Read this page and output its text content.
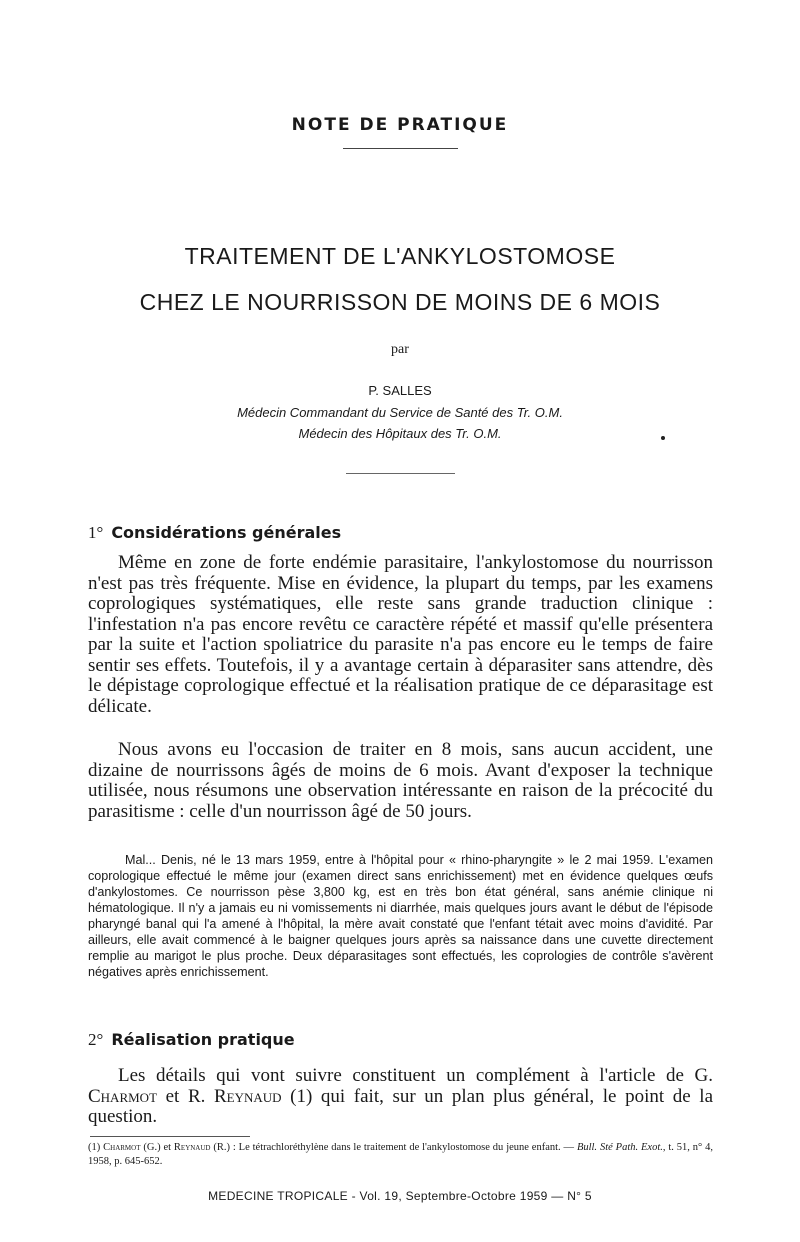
NOTE DE PRATIQUE
TRAITEMENT DE L'ANKYLOSTOMOSE
CHEZ LE NOURRISSON DE MOINS DE 6 MOIS
par
P. SALLES
Médecin Commandant du Service de Santé des Tr. O.M.
Médecin des Hôpitaux des Tr. O.M.
1° Considérations générales

Même en zone de forte endémie parasitaire, l'ankylostomose du nourrisson n'est pas très fréquente. Mise en évidence, la plupart du temps, par les examens coprologiques systématiques, elle reste sans grande traduction clinique : l'infestation n'a pas encore revêtu ce caractère répété et massif qu'elle présentera par la suite et l'action spoliatrice du parasite n'a pas encore eu le temps de faire sentir ses effets. Toutefois, il y a avantage certain à déparasiter sans attendre, dès le dépistage coprologique effectué et la réalisation pratique de ce déparasitage est délicate.

Nous avons eu l'occasion de traiter en 8 mois, sans aucun accident, une dizaine de nourrissons âgés de moins de 6 mois. Avant d'exposer la technique utilisée, nous résumons une observation intéressante en raison de la précocité du parasitisme : celle d'un nourrisson âgé de 50 jours.

Mal... Denis, né le 13 mars 1959, entre à l'hôpital pour « rhino-pharyngite » le 2 mai 1959. L'examen coprologique effectué le même jour (examen direct sans enrichissement) met en évidence quelques œufs d'ankylostomes. Ce nourrisson pèse 3,800 kg, est en très bon état général, sans anémie clinique ni hématologique. Il n'y a jamais eu ni vomissements ni diarrhée, mais quelques jours avant le début de l'épisode pharyngé banal qui l'a amené à l'hôpital, la mère avait constaté que l'enfant tétait avec moins d'avidité. Par ailleurs, elle avait commencé à le baigner quelques jours après sa naissance dans une cuvette directement remplie au marigot le plus proche. Deux déparasitages sont effectués, les coprologies de contrôle s'avèrent négatives après enrichissement.

2° Réalisation pratique

Les détails qui vont suivre constituent un complément à l'article de G. Charmot et R. Reynaud (1) qui fait, sur un plan plus général, le point de la question.

(1) Charmot (G.) et Reynaud (R.) : Le tétrachloréthylène dans le traitement de l'ankylostomose du jeune enfant. — Bull. Sté Path. Exot., t. 51, n° 4, 1958, p. 645-652.

MEDECINE TROPICALE - Vol. 19, Septembre-Octobre 1959 — N° 5
